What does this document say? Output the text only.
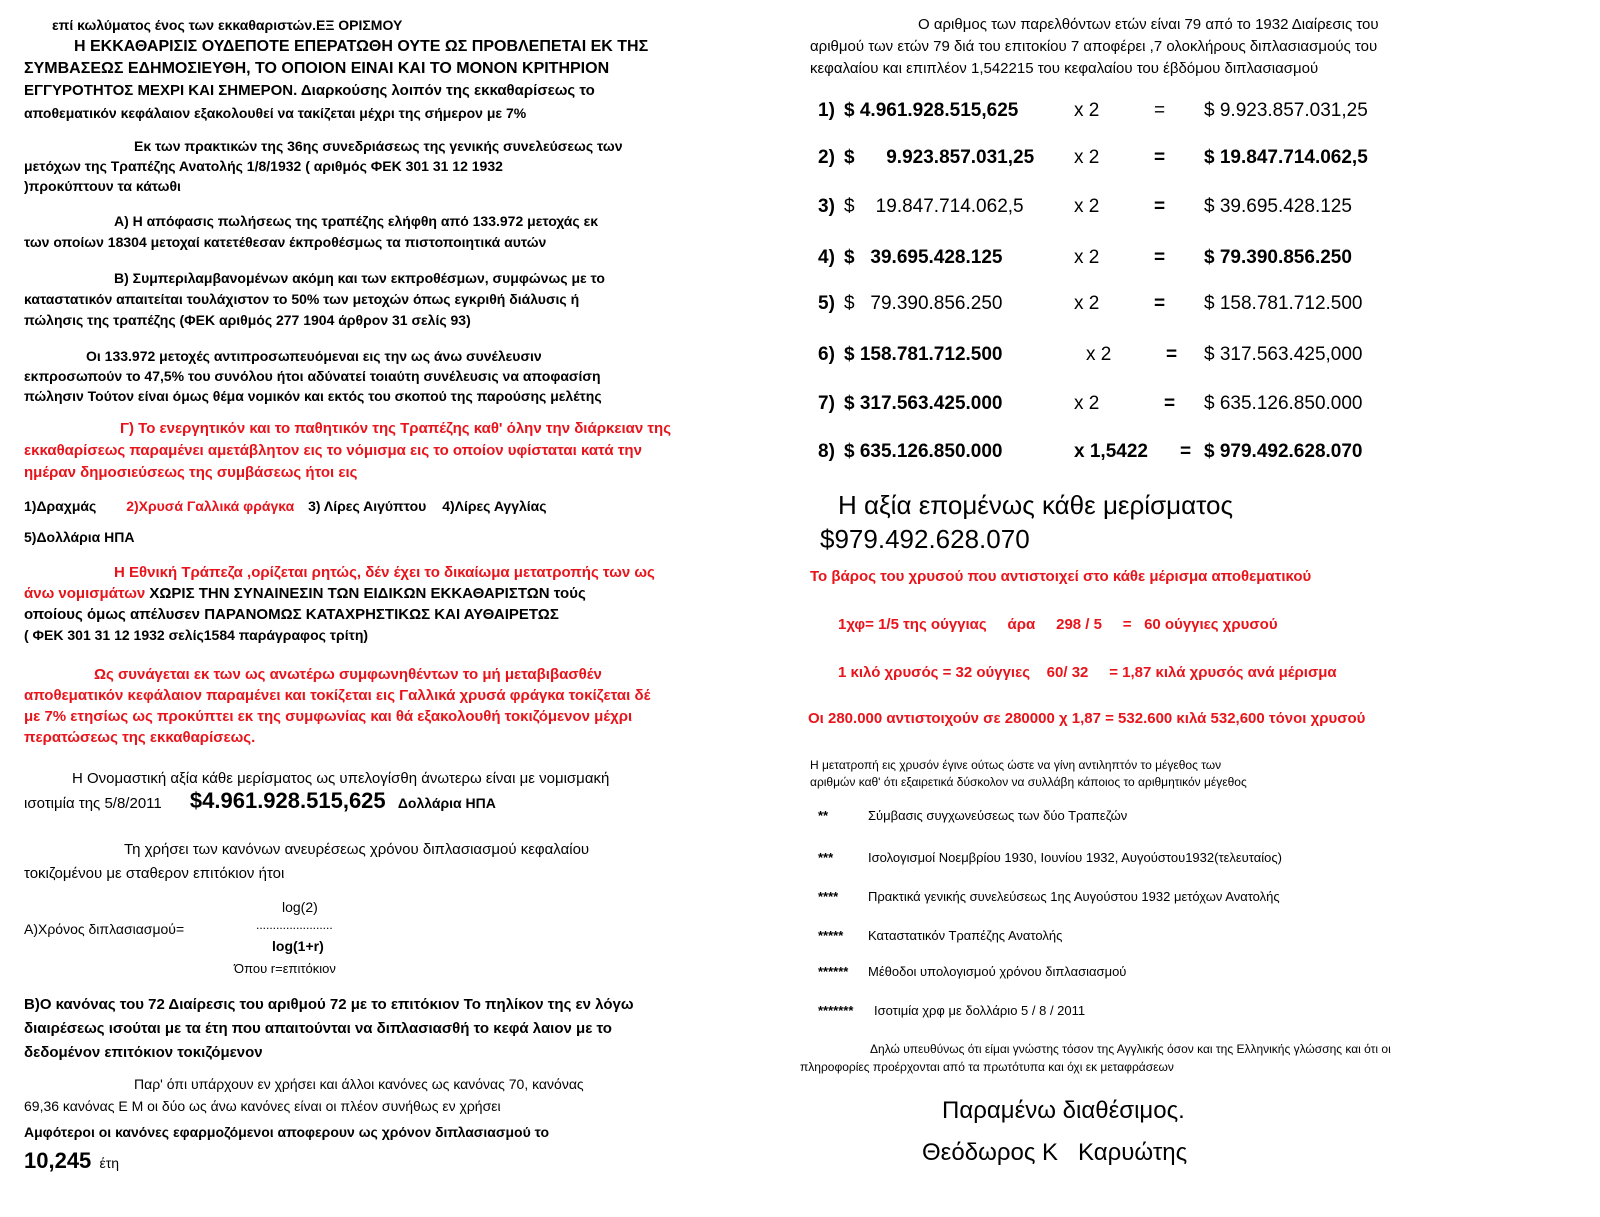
επί κωλύματος ένος των εκκαθαριστών.ΕΞ ΟΡΙΣΜΟΥ
Η ΕΚΚΑΘΑΡΙΣΙΣ ΟΥΔΕΠΟΤΕ ΕΠΕΡΑΤΩΘΗ ΟΥΤΕ ΩΣ ΠΡΟΒΛΕΠΕΤΑΙ ΕΚ ΤΗΣ
ΣΥΜΒΑΣΕΩΣ ΕΔΗΜΟΣΙΕΥΘΗ, ΤΟ ΟΠΟΙΟΝ ΕΙΝΑΙ ΚΑΙ ΤΟ ΜΟΝΟΝ ΚΡΙΤΗΡΙΟΝ
ΕΓΓΥΡΟΤΗΤΟΣ ΜΕΧΡΙ ΚΑΙ ΣΗΜΕΡΟΝ. Διαρκούσης λοιπόν της εκκαθαρίσεως το
αποθεματικόν κεφάλαιον εξακολουθεί να τακίζεται μέχρι της σήμερον με 7%
Εκ των πρακτικών της 36ης συνεδριάσεως της γενικής συνελεύσεως των
μετόχων της Τραπέζης Ανατολής 1/8/1932 ( αριθμός ΦΕΚ 301 31 12 1932
)προκύπτουν τα κάτωθι
Α) Η απόφασις πωλήσεως της τραπέζης ελήφθη από 133.972 μετοχάς εκ
των οποίων 18304 μετοχαί κατετέθεσαν έκπροθέσμως τα πιστοποιητικά αυτών
Β) Συμπεριλαμβανομένων ακόμη και των εκπροθέσμων, συμφώνως με το
καταστατικόν απαιτείται τουλάχιστον το 50% των μετοχών όπως εγκριθή διάλυσις ή
πώλησις της τραπέζης (ΦΕΚ αριθμός 277 1904 άρθρον 31 σελίς 93)
Οι 133.972 μετοχές αντιπροσωπευόμεναι εις την ως άνω συνέλευσιν
εκπροσωπούν το 47,5% του συνόλου ήτοι αδύνατεί τοιαύτη συνέλευσις να αποφασίση
πώλησιν Τούτον είναι όμως θέμα νομικόν και εκτός του σκοπού της παρούσης μελέτης
Γ) Το ενεργητικόν και το παθητικόν της Τραπέζης καθ' όλην την διάρκειαν της
εκκαθαρίσεως παραμένει αμετάβλητον εις το νόμισμα εις το οποίον υφίσταται κατά την
ημέραν δημοσιεύσεως της συμβάσεως ήτοι εις
1)Δραχμάς 2)Χρυσά Γαλλικά φράγκα 3) Λίρες Αιγύπτου 4)Λίρες Αγγλίας
5)Δολλάρια ΗΠΑ
Η Εθνική Τράπεζα ,ορίζεται ρητώς, δέν έχει το δικαίωμα μετατροπής των ως
άνω νομισμάτων ΧΩΡΙΣ ΤΗΝ ΣΥΝΑΙΝΕΣΙΝ ΤΩΝ ΕΙΔΙΚΩΝ ΕΚΚΑΘΑΡΙΣΤΩΝ τούς
οποίους όμως απέλυσεν ΠΑΡΑΝΟΜΩΣ ΚΑΤΑΧΡΗΣΤΙΚΩΣ ΚΑΙ ΑΥΘΑΙΡΕΤΩΣ
( ΦΕΚ 301 31 12 1932 σελίς1584 παράγραφος τρίτη)
Ως συνάγεται εκ των ως ανωτέρω συμφωνηθέντων το μή μεταβιβασθέν
αποθεματικόν κεφάλαιον παραμένει και τοκίζεται εις Γαλλικά χρυσά φράγκα τοκίζεται δέ
με 7% ετησίως ως προκύπτει εκ της συμφωνίας και θά εξακολουθή τοκιζόμενον μέχρι
περατώσεως της εκκαθαρίσεως.
Η Ονομαστική αξία κάθε μερίσματος ως υπελογίσθη άνωτερω είναι με νομισμακή
ισοτιμία της 5/8/2011 $4.961.928.515,625 Δολλάρια ΗΠΑ
Τη χρήσει των κανόνων ανευρέσεως χρόνου διπλασιασμού κεφαλαίου
τοκιζομένου με σταθερον επιτόκιον ήτοι
log(2)
Α)Χρόνος διπλασιασμού=	.......................
log(1+r)
Όπου r=επιτόκιον
Β)Ο κανόνας του 72 Διαίρεσις του αριθμού 72 με το επιτόκιον Το πηλίκον της εν λόγω
διαιρέσεως ισούται με τα έτη που απαιτούνται να διπλασιασθή το κεφά λαιον με το
δεδομένον επιτόκιον τοκιζόμενον
Παρ' όπι υπάρχουν εν χρήσει και άλλοι κανόνες ως κανόνας 70, κανόνας
69,36 κανόνας Ε Μ οι δύο ως άνω κανόνες είναι οι πλέον συνήθως εν χρήσει
Αμφότεροι οι κανόνες εφαρμοζόμενοι αποφερουν ως χρόνον διπλασιασμού το
10,245 έτη
Ο αριθμος των παρελθόντων ετών είναι 79 από το 1932 Διαίρεσις του
αριθμού των ετών 79 διά του επιτοκίου 7 αποφέρει ,7 ολοκλήρους διπλασιασμούς του
κεφαλαίου και επιπλέον 1,542215 του κεφαλαίου του έβδόμου διπλασιασμού
1) $ 4.961.928.515,625	x 2	= $ 9.923.857.031,25
2) $      9.923.857.031,25 x 2	= $ 19.847.714.062,5
3) $    19.847.714.062,5	x 2	= $ 39.695.428.125
4) $   39.695.428.125	x 2	= $ 79.390.856.250
5) $   79.390.856.250	x 2	= $ 158.781.712.500
6) $ 158.781.712.500	x 2	= $ 317.563.425,000
7) $ 317.563.425.000	x 2	= $ 635.126.850.000
8) $ 635.126.850.000	x 1,5422 = $ 979.492.628.070
Η αξία επομένως κάθε μερίσματος
$979.492.628.070
Το βάρος του χρυσού που αντιστοιχεί στο κάθε μέρισμα αποθεματικού
1χφ= 1/5 της ούγγιας     άρα     298 / 5     =   60 ούγγιες χρυσού
1 κιλό χρυσός = 32 ούγγιες    60/ 32     = 1,87 κιλά χρυσός ανά μέρισμα
Οι 280.000 αντιστοιχούν σε 280000 χ 1,87 = 532.600 κιλά 532,600 τόνοι χρυσού
Η μετατροπή εις χρυσόν έγινε ούτως ώστε να γίνη αντιληπτόν το μέγεθος των
αριθμών καθ' ότι εξαιρετικά δύσκολον να συλλάβη κάποιος το αριθμητικόν μέγεθος
**	Σύμβασις συγχωνεύσεως των δύο Τραπεζών
***	Ισολογισμοί Νοεμβρίου 1930, Ιουνίου 1932, Αυγούστου1932(τελευταίος)
**** Πρακτικά γενικής συνελεύσεως 1ης Αυγούστου 1932 μετόχων Ανατολής
***** Καταστατικόν Τραπέζης Ανατολής
****** Μέθοδοι υπολογισμού χρόνου διπλασιασμού
******* Ισοτιμία χρφ με δολλάριο 5 / 8 / 2011
Δηλώ υπευθύνως ότι είμαι γνώστης τόσον της Αγγλικής όσον και της Ελληνικής γλώσσης και ότι οι
πληροφορίες προέρχονται από τα πρωτότυπα και όχι εκ μεταφράσεων
Παραμένω διαθέσιμος.
Θεόδωρος Κ   Καρυώτης
